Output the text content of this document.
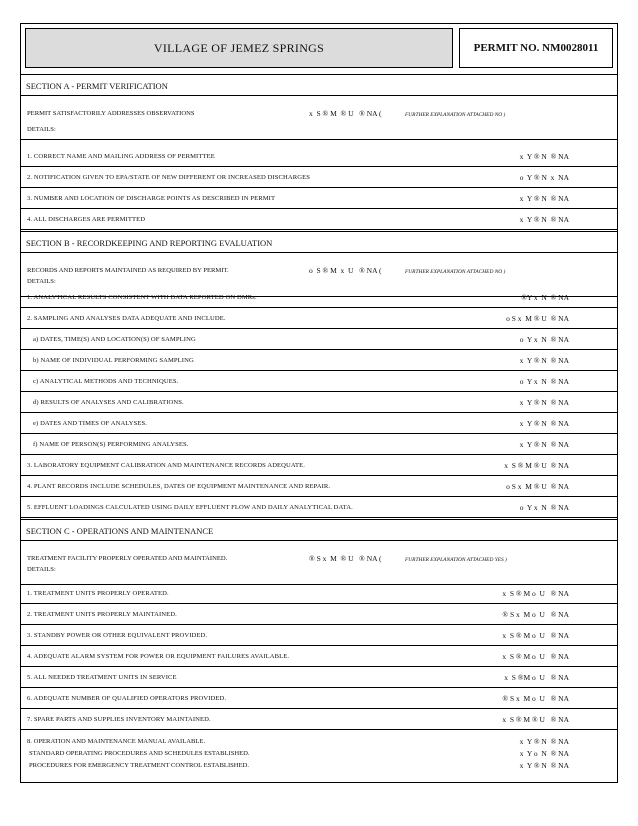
VILLAGE OF JEMEZ SPRINGS	PERMIT NO. NM0028011
SECTION A - PERMIT VERIFICATION
PERMIT SATISFACTORILY ADDRESSES OBSERVATIONS	x  S ® M  ® U   ® NA (	FURTHER EXPLANATION ATTACHED NO )
DETAILS:
1. CORRECT NAME AND MAILING ADDRESS OF PERMITTEE	x  Y ® N  ® NA
2. NOTIFICATION GIVEN TO EPA/STATE OF NEW DIFFERENT OR INCREASED DISCHARGES	o  Y ® N  x  NA
3. NUMBER AND LOCATION OF DISCHARGE POINTS AS DESCRIBED IN PERMIT	x  Y ® N  ® NA
4. ALL DISCHARGES ARE PERMITTED	x  Y ® N  ® NA
SECTION B - RECORDKEEPING AND REPORTING EVALUATION
RECORDS AND REPORTS MAINTAINED AS REQUIRED BY PERMIT.	o  S ® M  x  U   ® NA (	FURTHER EXPLANATION ATTACHED NO )
DETAILS:
1. ANALYTICAL RESULTS CONSISTENT WITH DATA REPORTED ON DMRs.	®Y x  N  ® NA
2. SAMPLING AND ANALYSES DATA ADEQUATE AND INCLUDE.	o S x  M ® U  ® NA
a) DATES, TIME(S) AND LOCATION(S) OF SAMPLING	o  Y x  N  ® NA
b) NAME OF INDIVIDUAL PERFORMING SAMPLING	x  Y ® N  ® NA
c) ANALYTICAL METHODS AND TECHNIQUES.	o  Y x  N  ® NA
d) RESULTS OF ANALYSES AND CALIBRATIONS.	x  Y ® N  ® NA
e) DATES AND TIMES OF ANALYSES.	x  Y ® N  ® NA
f) NAME OF PERSON(S) PERFORMING ANALYSES.	x  Y ® N  ® NA
3. LABORATORY EQUIPMENT CALIBRATION AND MAINTENANCE RECORDS ADEQUATE.	x  S ® M ® U  ® NA
4. PLANT RECORDS INCLUDE SCHEDULES, DATES OF EQUIPMENT MAINTENANCE AND REPAIR.	o S x  M ® U  ® NA
5. EFFLUENT LOADINGS CALCULATED USING DAILY EFFLUENT FLOW AND DAILY ANALYTICAL DATA.	o  Y x  N  ® NA
SECTION C - OPERATIONS AND MAINTENANCE
TREATMENT FACILITY PROPERLY OPERATED AND MAINTAINED.	® S x  M  ® U   ® NA (	FURTHER EXPLANATION ATTACHED YES )
DETAILS:
1. TREATMENT UNITS PROPERLY OPERATED.	x  S ® M o  U   ® NA
2. TREATMENT UNITS PROPERLY MAINTAINED.	® S x  M o  U   ® NA
3. STANDBY POWER OR OTHER EQUIVALENT PROVIDED.	x  S ® M o  U   ® NA
4. ADEQUATE ALARM SYSTEM FOR POWER OR EQUIPMENT FAILURES AVAILABLE.	x  S ® M o  U   ® NA
5. ALL NEEDED TREATMENT UNITS IN SERVICE	x  S ®M o  U   ® NA
6. ADEQUATE NUMBER OF QUALIFIED OPERATORS PROVIDED.	® S x  M o  U   ® NA
7. SPARE PARTS AND SUPPLIES INVENTORY MAINTAINED.	x  S ® M ® U   ® NA
8. OPERATION AND MAINTENANCE MANUAL AVAILABLE.	x  Y ® N  ® NA
STANDARD OPERATING PROCEDURES AND SCHEDULES ESTABLISHED.	x  Y o  N  ® NA
PROCEDURES FOR EMERGENCY TREATMENT CONTROL ESTABLISHED.	x  Y ® N  ® NA
